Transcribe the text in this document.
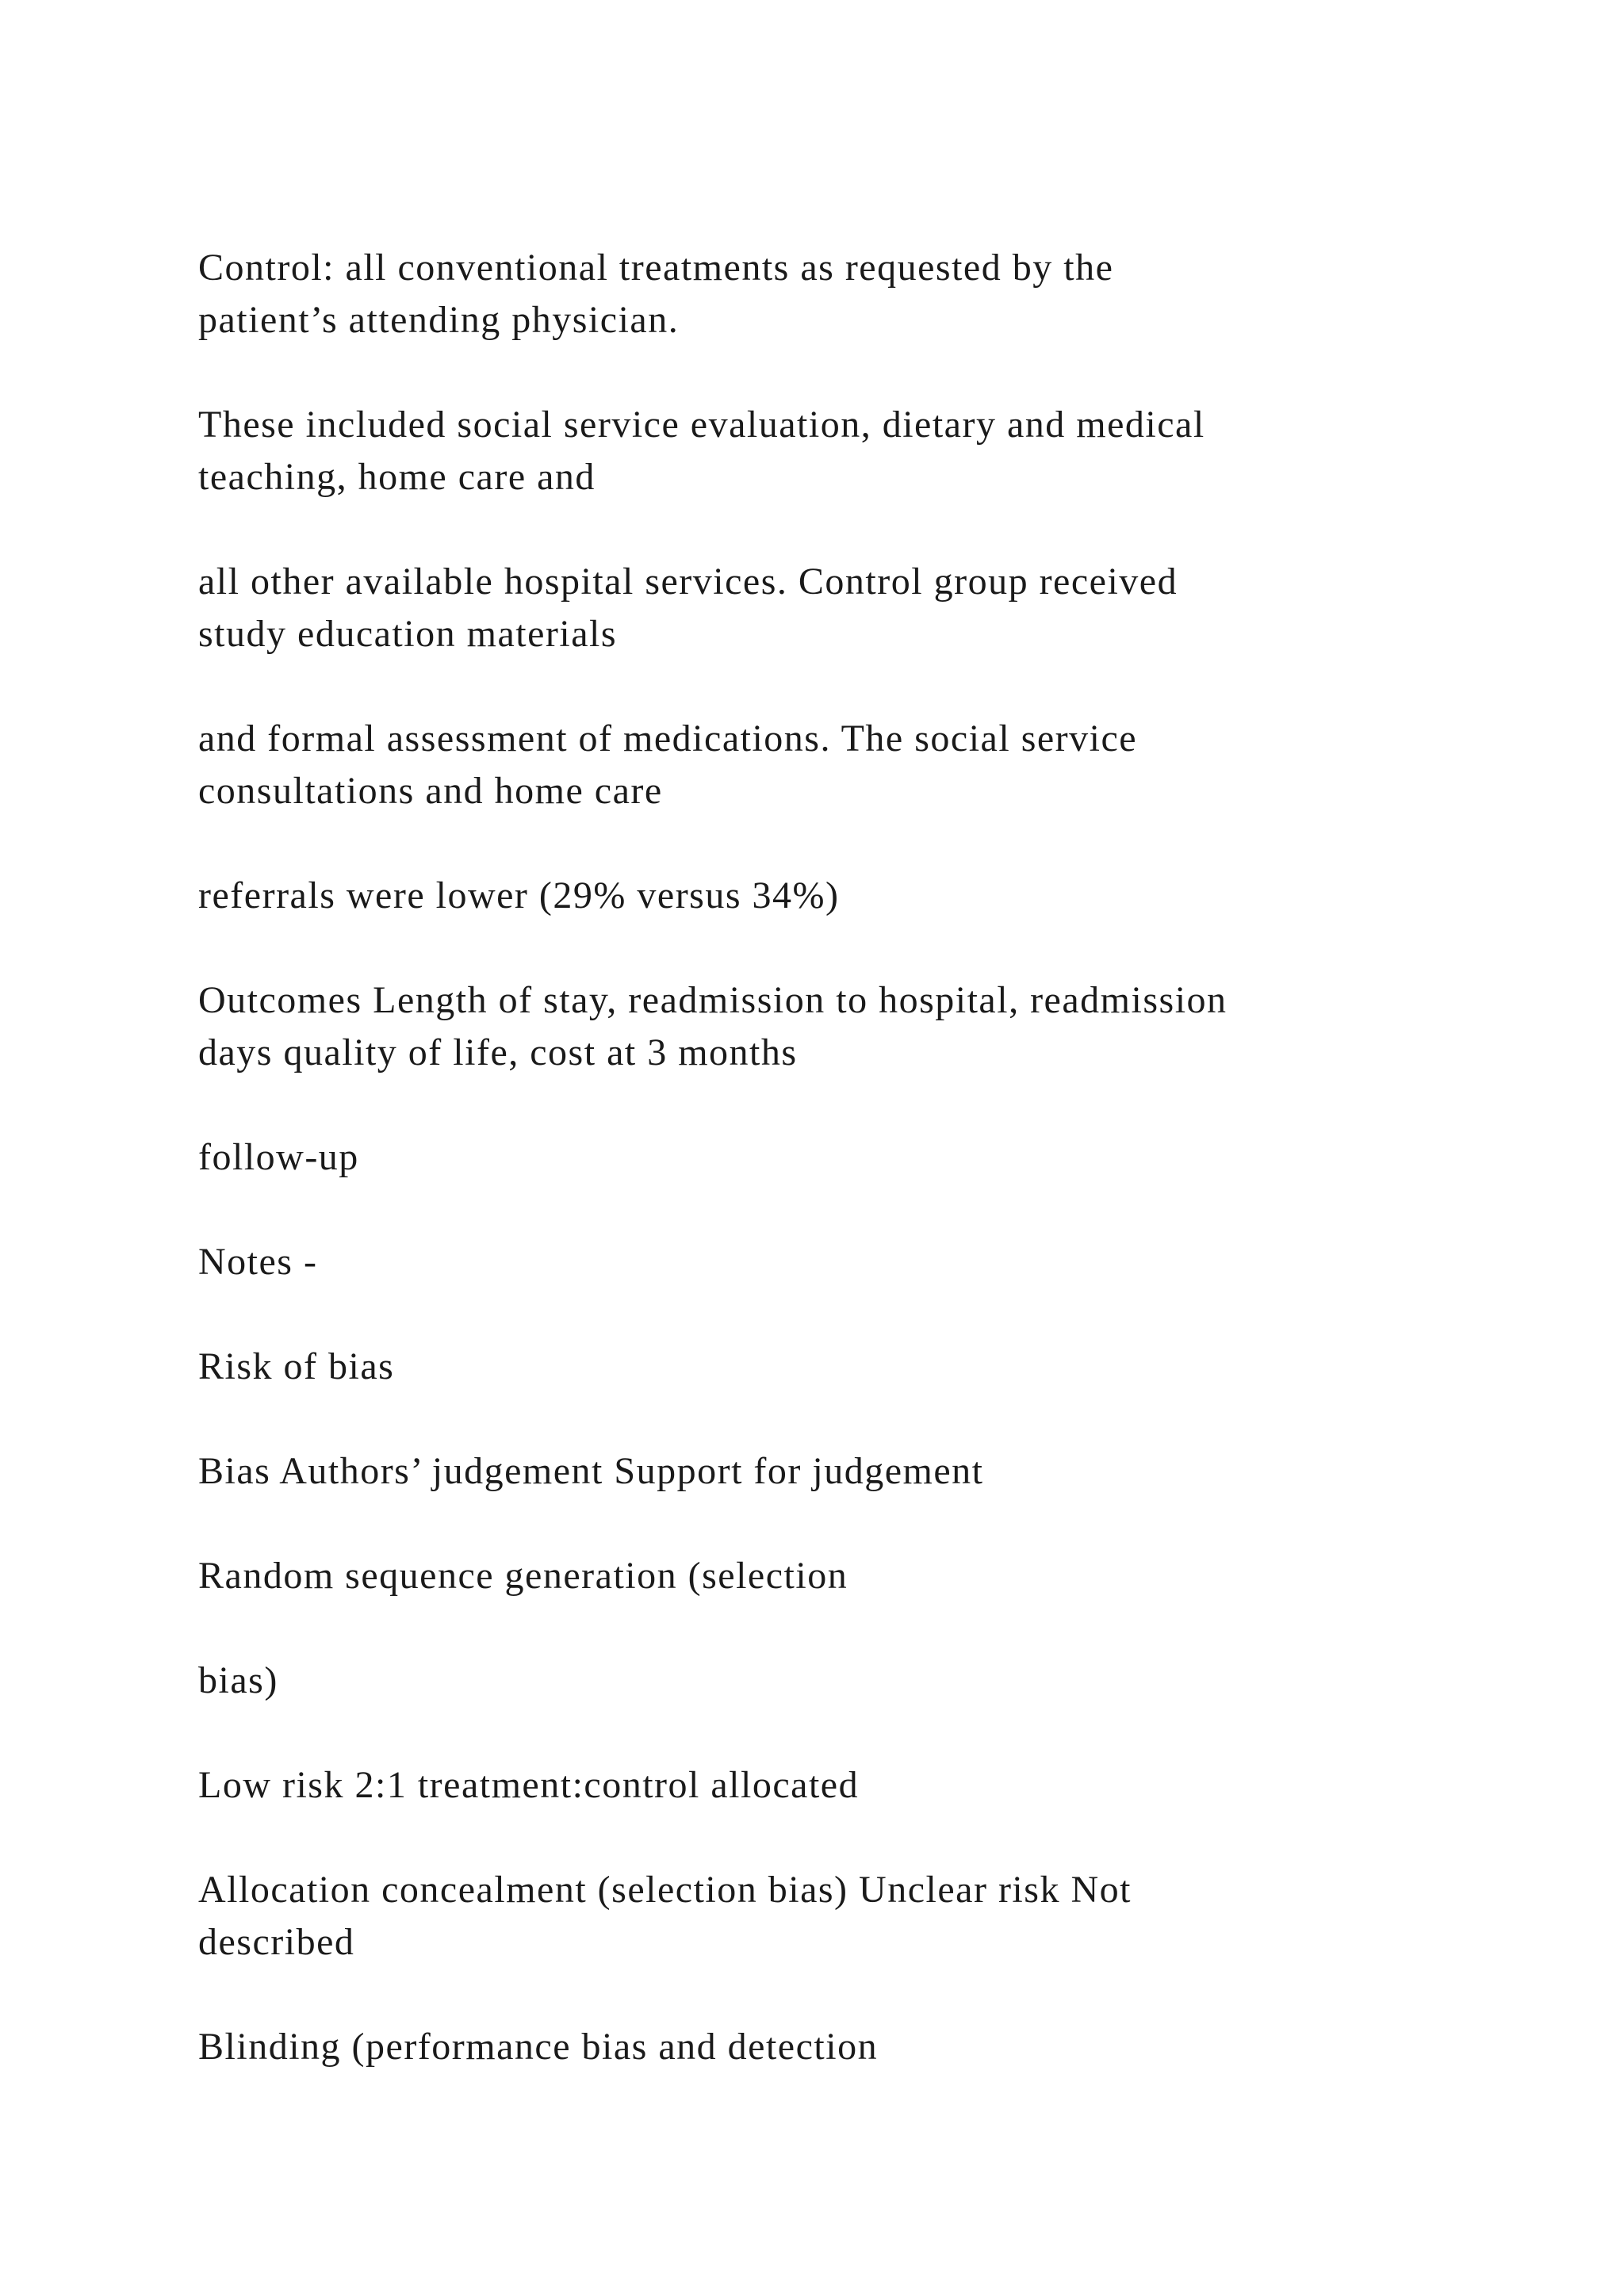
Control: all conventional treatments as requested by the
patient’s attending physician.

These included social service evaluation, dietary and medical
teaching, home care and

all other available hospital services. Control group received
study education materials

and formal assessment of medications. The social service
consultations and home care

referrals were lower (29% versus 34%)

Outcomes Length of stay, readmission to hospital, readmission
days quality of life, cost at 3 months

follow-up

Notes -

Risk of bias

Bias Authors’ judgement Support for judgement

Random sequence generation (selection

bias)

Low risk 2:1 treatment:control allocated

Allocation concealment (selection bias) Unclear risk Not
described

Blinding (performance bias and detection
